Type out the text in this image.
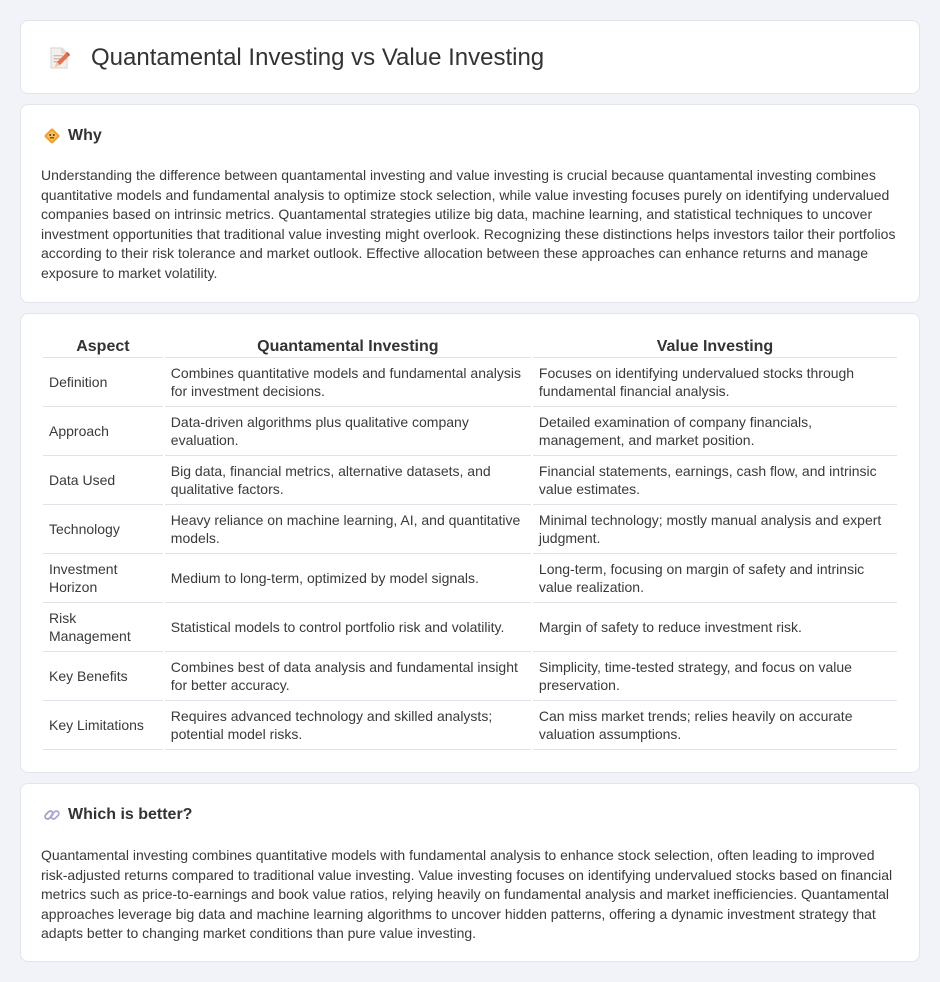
Quantamental Investing vs Value Investing
Why

Understanding the difference between quantamental investing and value investing is crucial because quantamental investing combines quantitative models and fundamental analysis to optimize stock selection, while value investing focuses purely on identifying undervalued companies based on intrinsic metrics. Quantamental strategies utilize big data, machine learning, and statistical techniques to uncover investment opportunities that traditional value investing might overlook. Recognizing these distinctions helps investors tailor their portfolios according to their risk tolerance and market outlook. Effective allocation between these approaches can enhance returns and manage exposure to market volatility.

Aspect	Quantamental Investing	Value Investing
Definition	Combines quantitative models and fundamental analysis for investment decisions.	Focuses on identifying undervalued stocks through fundamental financial analysis.
Approach	Data-driven algorithms plus qualitative company evaluation.	Detailed examination of company financials, management, and market position.
Data Used	Big data, financial metrics, alternative datasets, and qualitative factors.	Financial statements, earnings, cash flow, and intrinsic value estimates.
Technology	Heavy reliance on machine learning, AI, and quantitative models.	Minimal technology; mostly manual analysis and expert judgment.
Investment Horizon	Medium to long-term, optimized by model signals.	Long-term, focusing on margin of safety and intrinsic value realization.
Risk Management	Statistical models to control portfolio risk and volatility.	Margin of safety to reduce investment risk.
Key Benefits	Combines best of data analysis and fundamental insight for better accuracy.	Simplicity, time-tested strategy, and focus on value preservation.
Key Limitations	Requires advanced technology and skilled analysts; potential model risks.	Can miss market trends; relies heavily on accurate valuation assumptions.
Which is better?

Quantamental investing combines quantitative models with fundamental analysis to enhance stock selection, often leading to improved risk-adjusted returns compared to traditional value investing. Value investing focuses on identifying undervalued stocks based on financial metrics such as price-to-earnings and book value ratios, relying heavily on fundamental analysis and market inefficiencies. Quantamental approaches leverage big data and machine learning algorithms to uncover hidden patterns, offering a dynamic investment strategy that adapts better to changing market conditions than pure value investing.
